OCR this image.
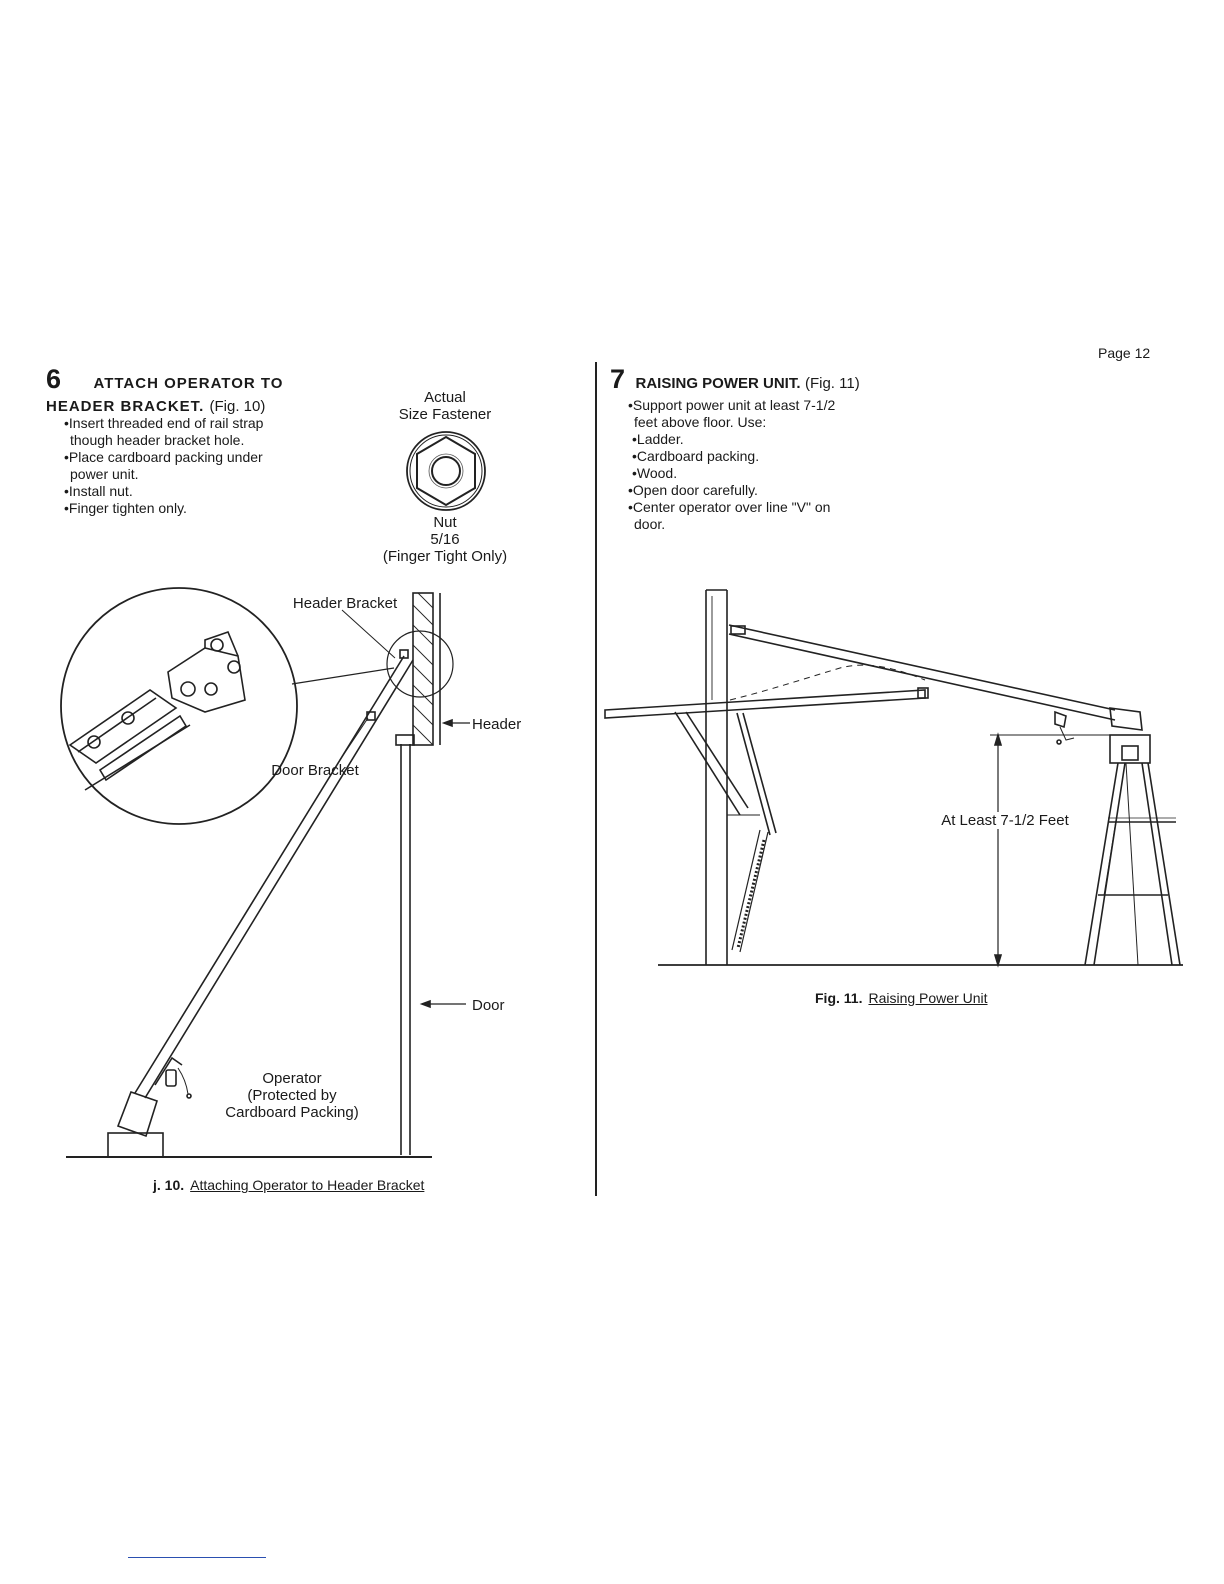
Page 12
6 ATTACH OPERATOR TO
HEADER BRACKET. (Fig. 10)
•Insert threaded end of rail strap
though header bracket hole.
•Place cardboard packing under
power unit.
•Install nut.
•Finger tighten only.
Actual
Size Fastener
Nut
5/16
(Finger Tight Only)
Header Bracket
Header
Door Bracket
Door
Operator
(Protected by
Cardboard Packing)
j. 10. Attaching Operator to Header Bracket
7 RAISING POWER UNIT. (Fig. 11)
•Support power unit at least 7-1/2
feet above floor. Use:
•Ladder.
•Cardboard packing.
•Wood.
•Open door carefully.
•Center operator over line "V" on
door.
At Least 7-1/2 Feet
Fig. 11. Raising Power Unit
